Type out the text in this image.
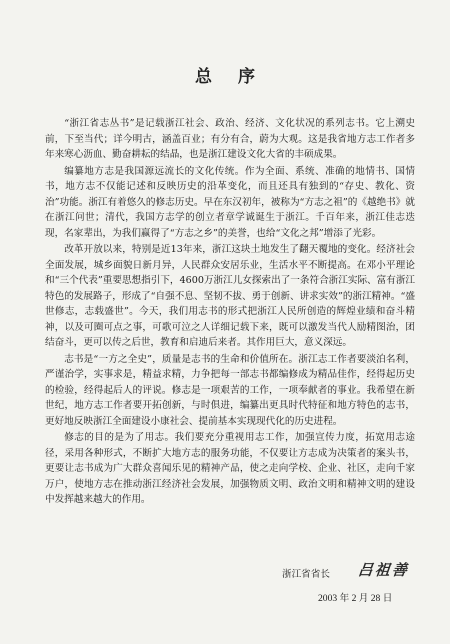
总序

“浙江省志丛书”是记载浙江社会、政治、经济、文化状况的系列志书。它上溯史前，下至当代；详今明古，涵盖百业；有分有合，蔚为大观。这是我省地方志工作者多年来寒心沥血、勤奋耕耘的结晶，也是浙江建设文化大省的丰硕成果。

编纂地方志是我国源远流长的文化传统。作为全面、系统、准确的地情书、国情书，地方志不仅能记述和反映历史的沿革变化，而且还具有独到的“存史、教化、资治”功能。浙江有着悠久的修志历史。早在东汉初年，被称为“方志之祖”的《越绝书》就在浙江问世；清代，我国方志学的创立者章学诚诞生于浙江。千百年来，浙江佳志迭现，名家辈出，为我们赢得了“方志之乡”的美誉，也给“文化之邦”增添了光彩。

改革开放以来，特别是近13年来，浙江这块土地发生了翻天覆地的变化。经济社会全面发展，城乡面貌日新月异，人民群众安居乐业，生活水平不断提高。在邓小平理论和“三个代表”重要思想指引下，4600万浙江儿女探索出了一条符合浙江实际、富有浙江特色的发展路子，形成了“自强不息、坚韧不拔、勇于创新、讲求实效”的浙江精神。“盛世修志，志载盛世”。今天，我们用志书的形式把浙江人民所创造的辉煌业绩和奋斗精神，以及可圈可点之事，可歌可泣之人详细记载下来，既可以激发当代人励精图治，团结奋斗，更可以传之后世，教育和启迪后来者。其作用巨大，意义深远。

志书是“一方之全史”，质量是志书的生命和价值所在。浙江志工作者要淡泊名利，严谨治学，实事求是，精益求精，力争把每一部志书都编修成为精品佳作，经得起历史的检验，经得起后人的评说。修志是一项艰苦的工作，一项奉献者的事业。我希望在新世纪，地方志工作者要开拓创新，与时俱进，编纂出更具时代特征和地方特色的志书，更好地反映浙江全面建设小康社会、提前基本实现现代化的历史进程。

修志的目的是为了用志。我们要充分重视用志工作，加强宣传力度，拓宽用志途径，采用各种形式，不断扩大地方志的服务功能，不仅要让方志成为决策者的案头书，更要让志书成为广大群众喜闻乐见的精神产品，使之走向学校、企业、社区，走向千家万户，使地方志在推动浙江经济社会发展，加强物质文明、政治文明和精神文明的建设中发挥越来越大的作用。

浙江省省长 吕祖善
2003 年 2 月 28 日
